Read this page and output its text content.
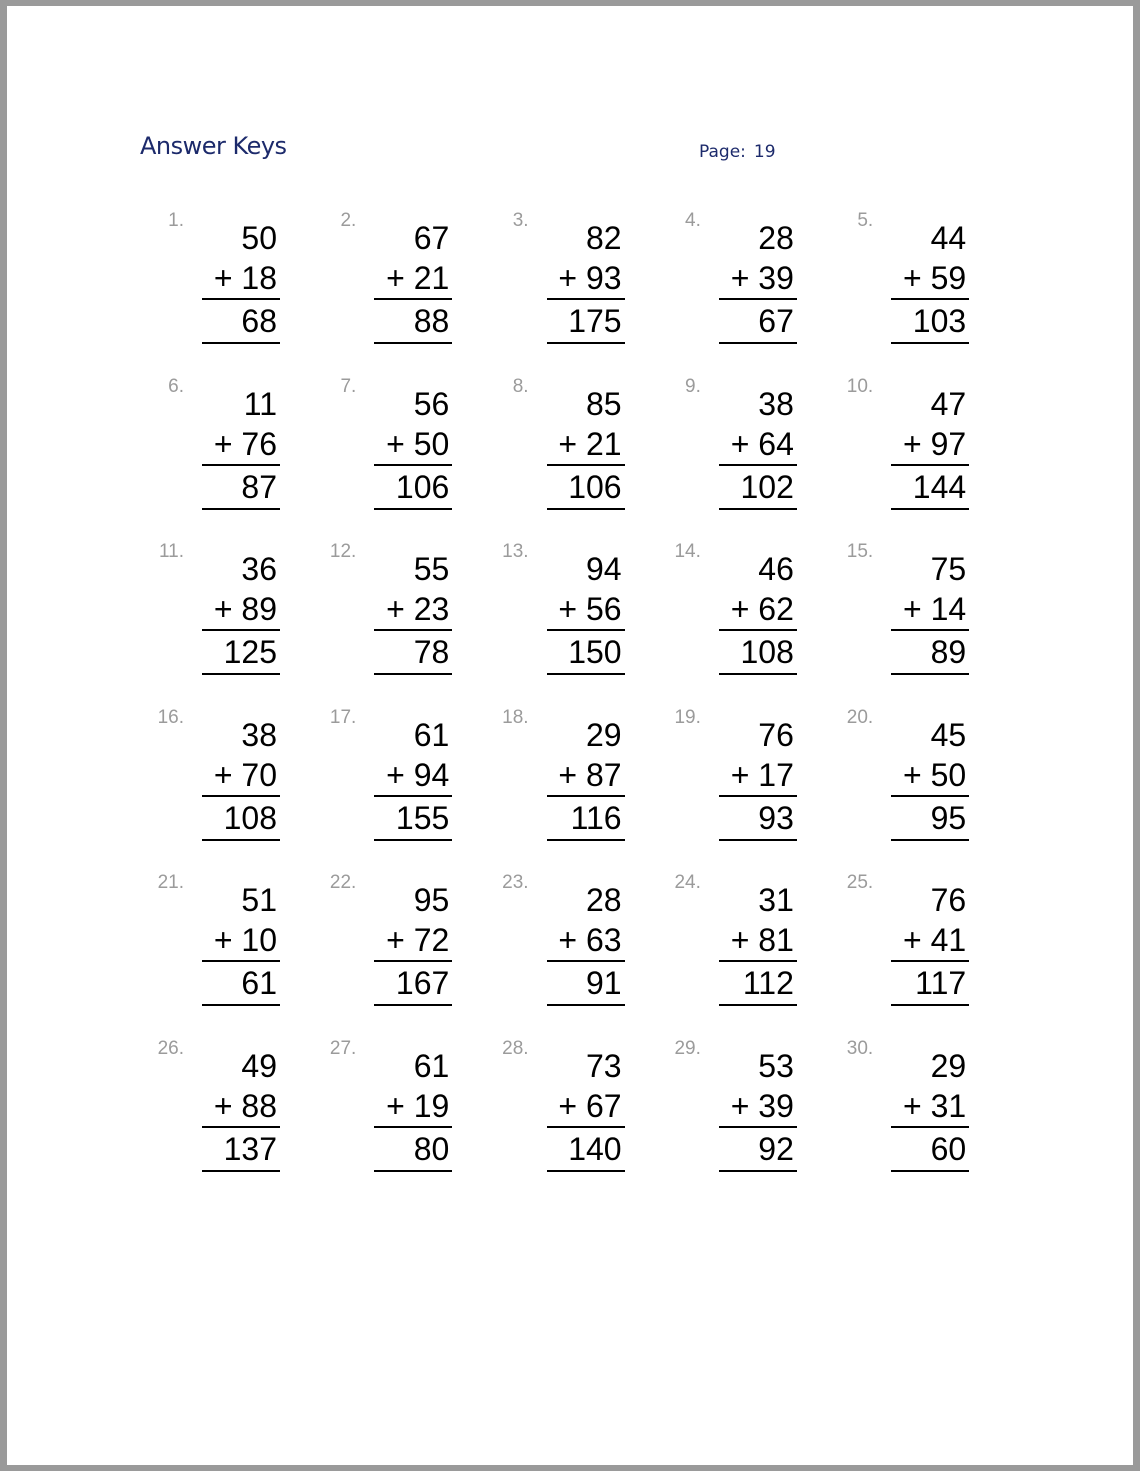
Answer Keys	Page: 19
1.	50
+ 18
68
2.	67
+ 21
88
3.	82
+ 93
175
4.	28
+ 39
67
5.	44
+ 59
103
6.	11
+ 76
87
7.	56
+ 50
106
8.	85
+ 21
106
9.	38
+ 64
102
10.	47
+ 97
144
11.	36
+ 89
125
12.	55
+ 23
78
13.	94
+ 56
150
14.	46
+ 62
108
15.	75
+ 14
89
16.	38
+ 70
108
17.	61
+ 94
155
18.	29
+ 87
116
19.	76
+ 17
93
20.	45
+ 50
95
21.	51
+ 10
61
22.	95
+ 72
167
23.	28
+ 63
91
24.	31
+ 81
112
25.	76
+ 41
117
26.	49
+ 88
137
27.	61
+ 19
80
28.	73
+ 67
140
29.	53
+ 39
92
30.	29
+ 31
60
